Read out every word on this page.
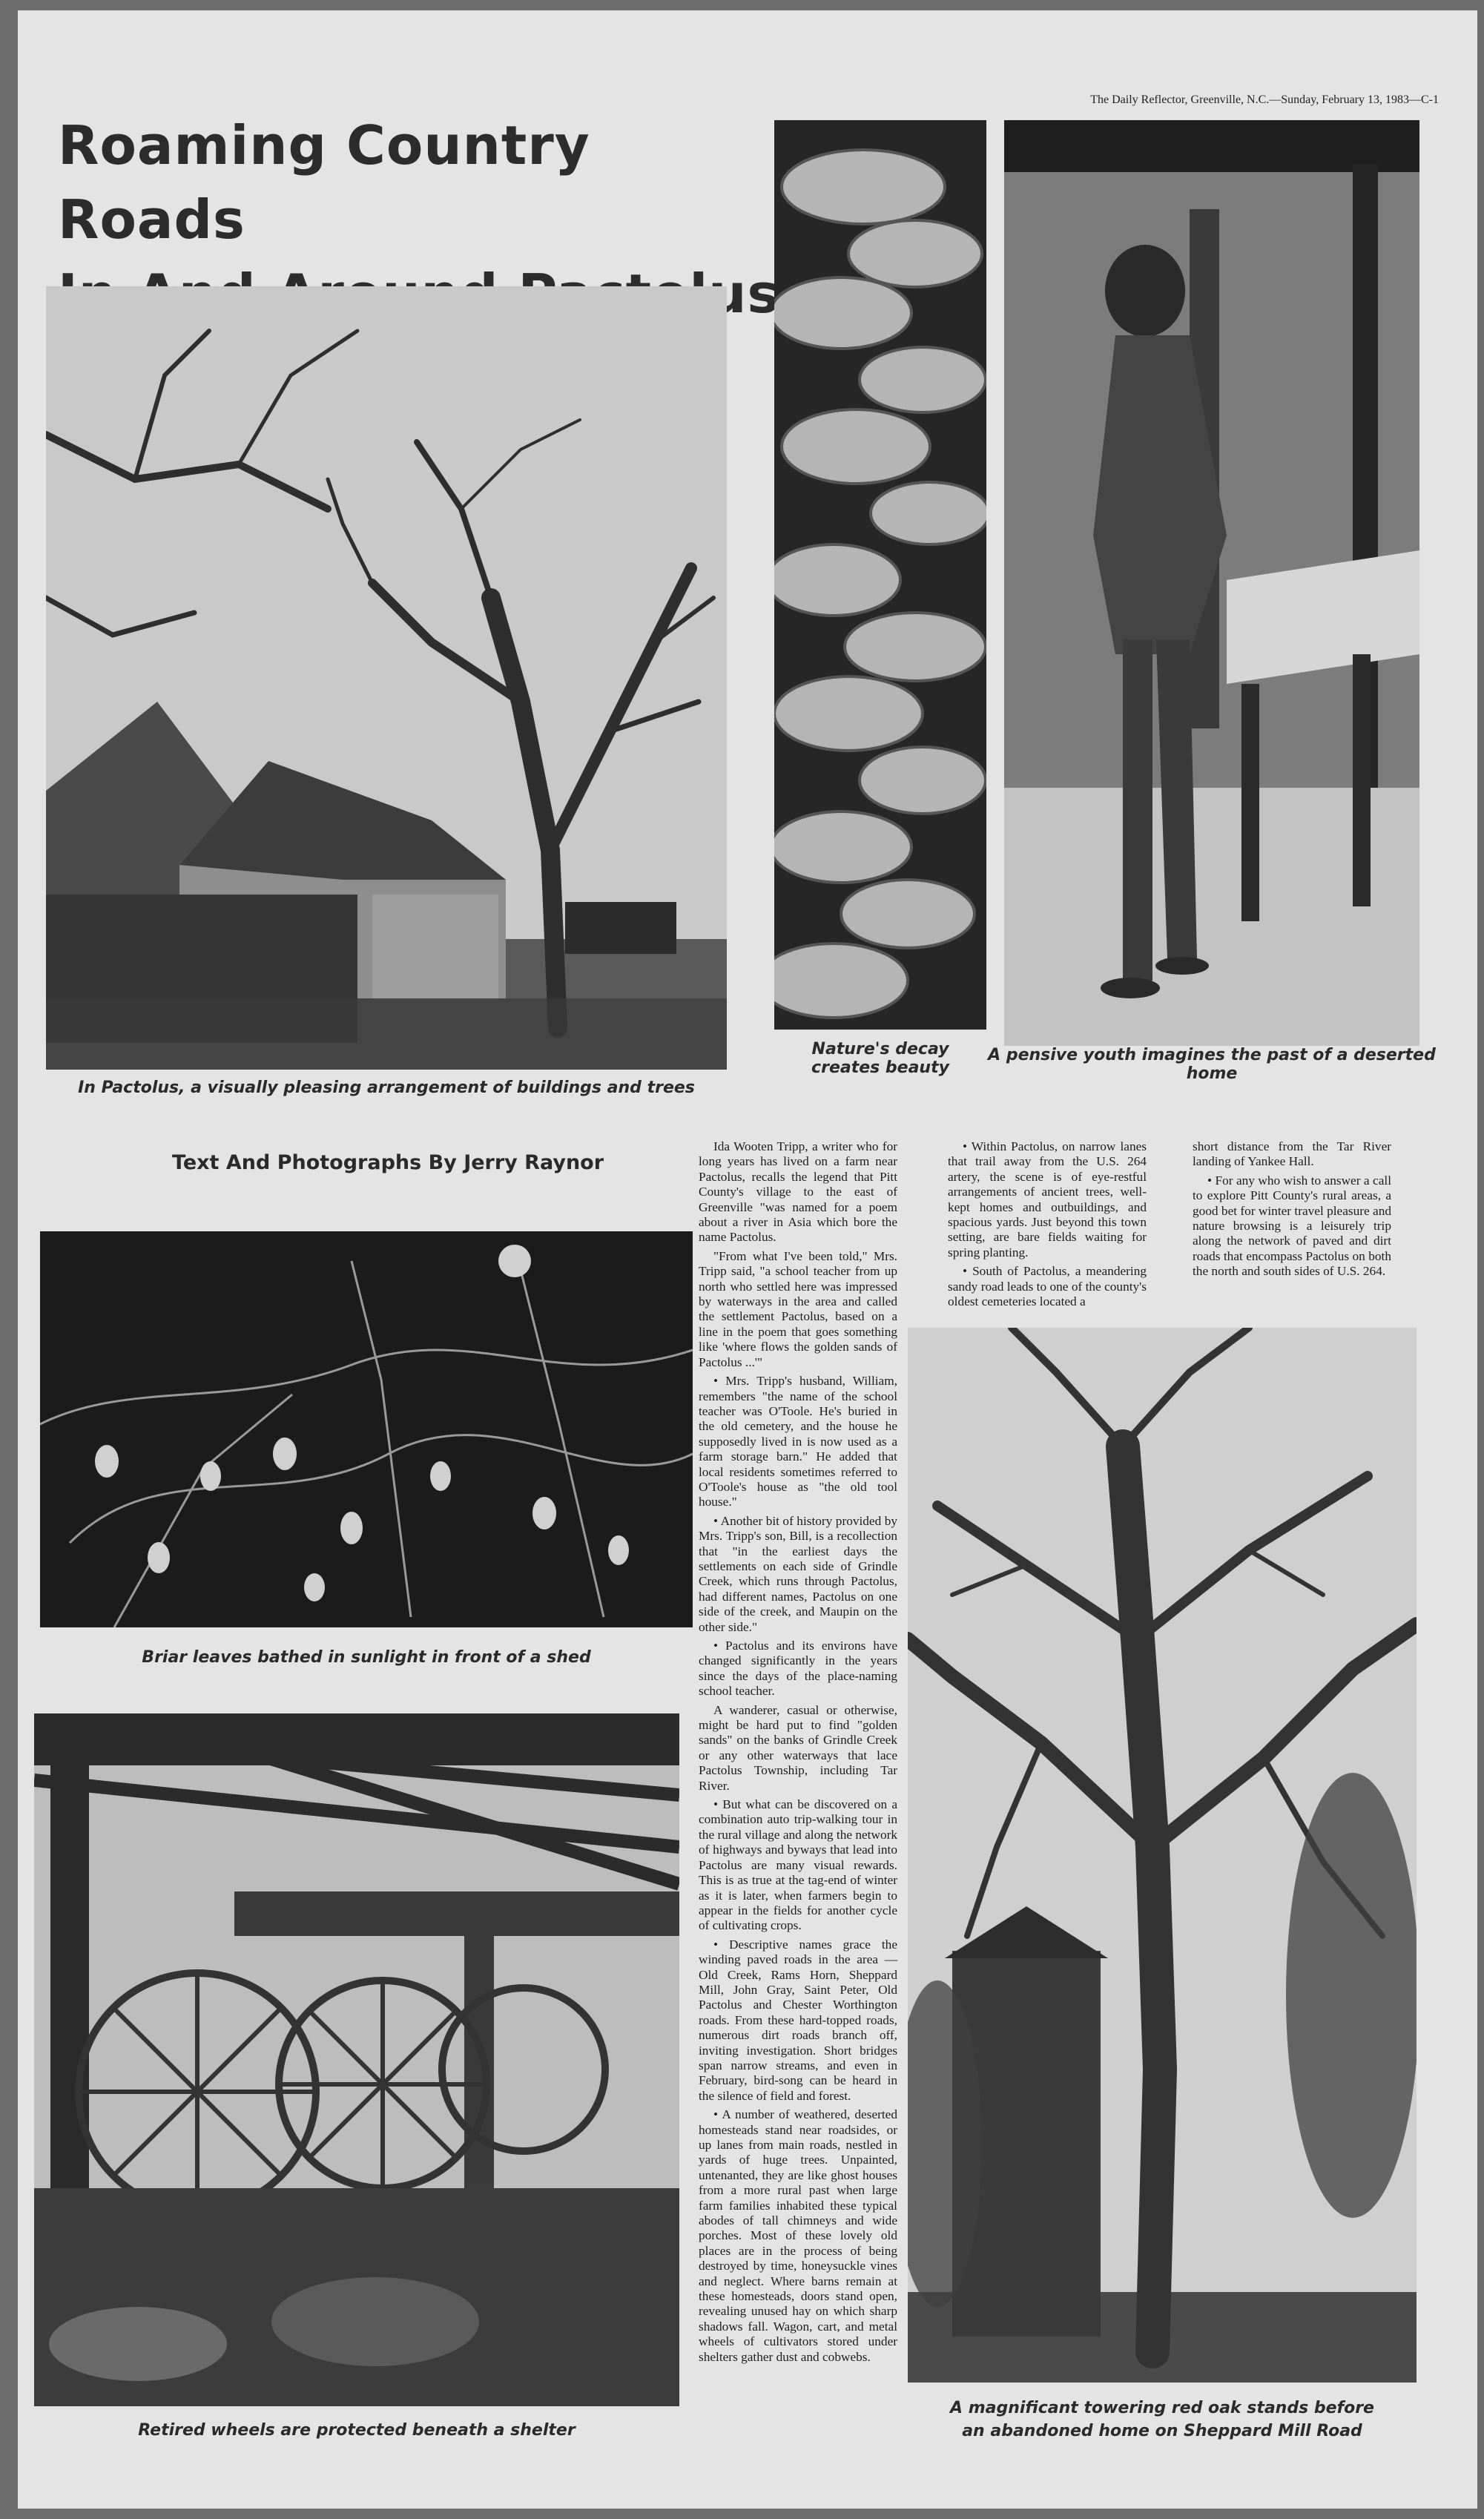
The Daily Reflector, Greenville, N.C.—Sunday, February 13, 1983—C-1
Roaming Country Roads
In Pactolus, a visually pleasing arrangement of buildings and trees
Nature's decay
creates beauty
A pensive youth imagines the past of a deserted home
Text And Photographs By Jerry Raynor
Briar leaves bathed in sunlight in front of a shed
Retired wheels are protected beneath a shelter
A magnificant towering red oak stands before
an abandoned home on Sheppard Mill Road

Ida Wooten Tripp, a writer who for long years has lived on a farm near Pactolus, recalls the legend that Pitt County's village to the east of Greenville "was named for a poem about a river in Asia which bore the name Pactolus.

"From what I've been told," Mrs. Tripp said, "a school teacher from up north who settled here was impressed by waterways in the area and called the settlement Pactolus, based on a line in the poem that goes something like 'where flows the golden sands of Pactolus ...'"

• Mrs. Tripp's husband, William, remembers "the name of the school teacher was O'Toole. He's buried in the old cemetery, and the house he supposedly lived in is now used as a farm storage barn." He added that local residents sometimes referred to O'Toole's house as "the old tool house."

• Another bit of history provided by Mrs. Tripp's son, Bill, is a recollection that "in the earliest days the settlements on each side of Grindle Creek, which runs through Pactolus, had different names, Pactolus on one side of the creek, and Maupin on the other side."

• Pactolus and its environs have changed significantly in the years since the days of the place-naming school teacher.

A wanderer, casual or otherwise, might be hard put to find "golden sands" on the banks of Grindle Creek or any other waterways that lace Pactolus Township, including Tar River.

• But what can be discovered on a combination auto trip-walking tour in the rural village and along the network of highways and byways that lead into Pactolus are many visual rewards. This is as true at the tag-end of winter as it is later, when farmers begin to appear in the fields for another cycle of cultivating crops.

• Descriptive names grace the winding paved roads in the area — Old Creek, Rams Horn, Sheppard Mill, John Gray, Saint Peter, Old Pactolus and Chester Worthington roads. From these hard-topped roads, numerous dirt roads branch off, inviting investigation. Short bridges span narrow streams, and even in February, bird-song can be heard in the silence of field and forest.

• A number of weathered, deserted homesteads stand near roadsides, or up lanes from main roads, nestled in yards of huge trees. Unpainted, untenanted, they are like ghost houses from a more rural past when large farm families inhabited these typical abodes of tall chimneys and wide porches. Most of these lovely old places are in the process of being destroyed by time, honeysuckle vines and neglect. Where barns remain at these homesteads, doors stand open, revealing unused hay on which sharp shadows fall. Wagon, cart, and metal wheels of cultivators stored under shelters gather dust and cobwebs.

• Within Pactolus, on narrow lanes that trail away from the U.S. 264 artery, the scene is of eye-restful arrangements of ancient trees, well-kept homes and outbuildings, and spacious yards. Just beyond this town setting, are bare fields waiting for spring planting.

• South of Pactolus, a meandering sandy road leads to one of the county's oldest cemeteries located a

short distance from the Tar River landing of Yankee Hall.

• For any who wish to answer a call to explore Pitt County's rural areas, a good bet for winter travel pleasure and nature browsing is a leisurely trip along the network of paved and dirt roads that encompass Pactolus on both the north and south sides of U.S. 264.
